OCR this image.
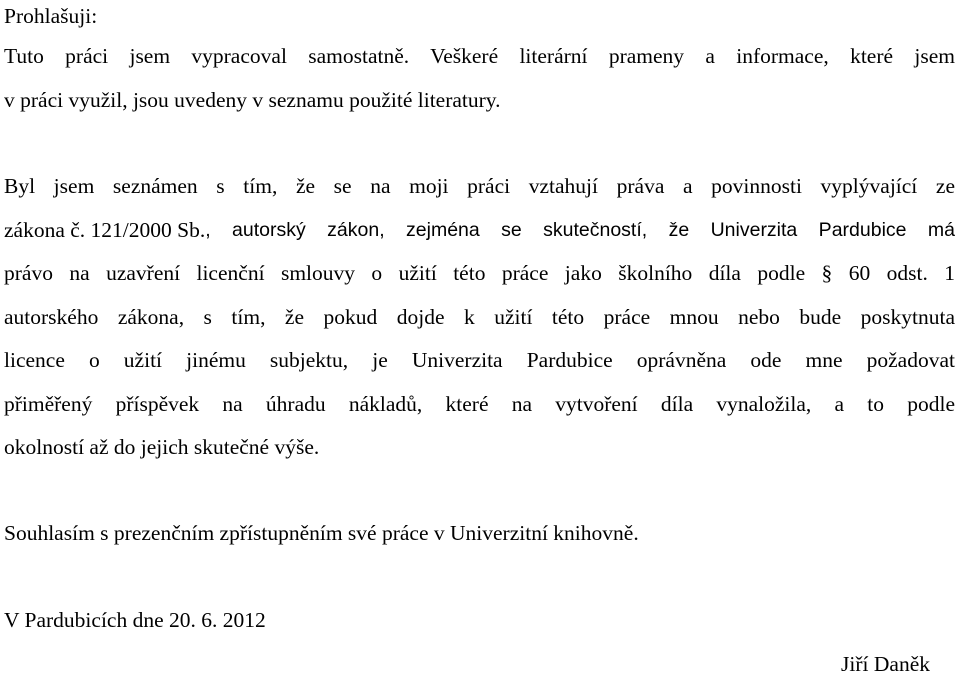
Prohlašuji:
Tuto práci jsem vypracoval samostatně. Veškeré literární prameny a informace, které jsem
v práci využil, jsou uvedeny v seznamu použité literatury.
Byl jsem seznámen s tím, že se na moji práci vztahují práva a povinnosti vyplývající ze
zákona č. 121/2000 Sb. , autorský zákon, zejména se skutečností, že Univerzita Pardubice má
právo na uzavření licenční smlouvy o užití této práce jako školního díla podle § 60 odst. 1
autorského zákona, s tím, že pokud dojde k užití této práce mnou nebo bude poskytnuta
licence o užití jinému subjektu, je Univerzita Pardubice oprávněna ode mne požadovat
přiměřený příspěvek na úhradu nákladů, které na vytvoření díla vynaložila, a to podle
okolností až do jejich skutečné výše.
Souhlasím s prezenčním zpřístupněním své práce v Univerzitní knihovně.
V Pardubicích dne 20. 6. 2012
Jiří Daněk
